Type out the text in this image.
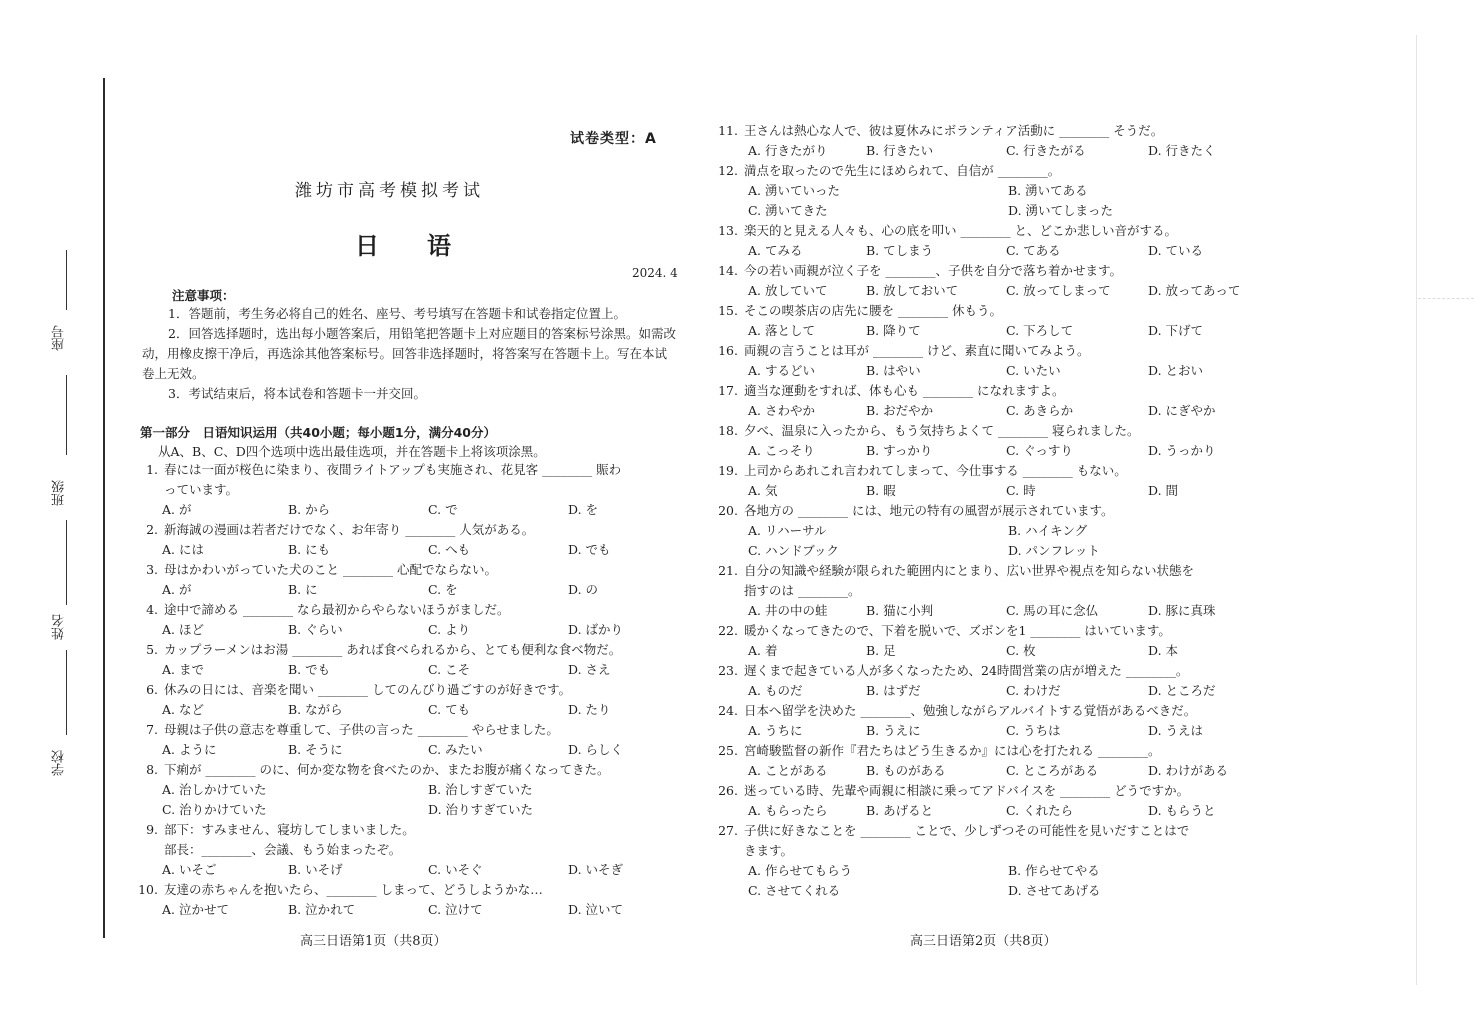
座号
班级
姓名
学校
试卷类型：A
潍坊市高考模拟考试
日语
2024. 4
注意事项：

1．答题前，考生务必将自己的姓名、座号、考号填写在答题卡和试卷指定位置上。

2．回答选择题时，选出每小题答案后，用铅笔把答题卡上对应题目的答案标号涂黑。如需改动，用橡皮擦干净后，再选涂其他答案标号。回答非选择题时，将答案写在答题卡上。写在本试卷上无效。

3．考试结束后，将本试卷和答题卡一并交回。

第一部分　日语知识运用（共40小题；每小题1分，满分40分）
从A、B、C、D四个选项中选出最佳选项，并在答题卡上将该项涂黑。
1. 春には一面が桜色に染まり、夜間ライトアップも実施され、花見客 ________ 賑わ
っています。
A. が	B. から	C. で	D. を
2. 新海誠の漫画は若者だけでなく、お年寄り ________ 人気がある。
A. には	B. にも	C. へも	D. でも
3. 母はかわいがっていた犬のこと ________ 心配でならない。
A. が	B. に	C. を	D. の
4. 途中で諦める ________ なら最初からやらないほうがましだ。
A. ほど	B. ぐらい	C. より	D. ばかり
5. カップラーメンはお湯 ________ あれば食べられるから、とても便利な食べ物だ。
A. まで	B. でも	C. こそ	D. さえ
6. 休みの日には、音楽を聞い ________ してのんびり過ごすのが好きです。
A. など	B. ながら	C. ても	D. たり
7. 母親は子供の意志を尊重して、子供の言った ________ やらせました。
A. ように	B. そうに	C. みたい	D. らしく
8. 下痢が ________ のに、何か変な物を食べたのか、またお腹が痛くなってきた。
A. 治しかけていた	B. 治しすぎていた
C. 治りかけていた	D. 治りすぎていた
9. 部下：すみません、寝坊してしまいました。
部長：________、会議、もう始まったぞ。
A. いそご	B. いそげ	C. いそぐ	D. いそぎ
10. 友達の赤ちゃんを抱いたら、________ しまって、どうしようかな…
A. 泣かせて	B. 泣かれて	C. 泣けて	D. 泣いて
11. 王さんは熱心な人で、彼は夏休みにボランティア活動に ________ そうだ。
A. 行きたがり	B. 行きたい	C. 行きたがる	D. 行きたく
12. 満点を取ったので先生にほめられて、自信が ________。
A. 湧いていった	B. 湧いてある
C. 湧いてきた	D. 湧いてしまった
13. 楽天的と見える人々も、心の底を叩い ________ と、どこか悲しい音がする。
A. てみる	B. てしまう	C. てある	D. ている
14. 今の若い両親が泣く子を ________、子供を自分で落ち着かせます。
A. 放していて	B. 放しておいて	C. 放ってしまって	D. 放ってあって
15. そこの喫茶店の店先に腰を ________ 休もう。
A. 落として	B. 降りて	C. 下ろして	D. 下げて
16. 両親の言うことは耳が ________ けど、素直に聞いてみよう。
A. するどい	B. はやい	C. いたい	D. とおい
17. 適当な運動をすれば、体も心も ________ になれますよ。
A. さわやか	B. おだやか	C. あきらか	D. にぎやか
18. 夕べ、温泉に入ったから、もう気持ちよくて ________ 寝られました。
A. こっそり	B. すっかり	C. ぐっすり	D. うっかり
19. 上司からあれこれ言われてしまって、今仕事する ________ もない。
A. 気	B. 暇	C. 時	D. 間
20. 各地方の ________ には、地元の特有の風習が展示されています。
A. リハーサル	B. ハイキング
C. ハンドブック	D. パンフレット
21. 自分の知識や経験が限られた範囲内にとまり、広い世界や視点を知らない状態を
指すのは ________。
A. 井の中の蛙	B. 猫に小判	C. 馬の耳に念仏	D. 豚に真珠
22. 暖かくなってきたので、下着を脱いで、ズボンを1 ________ はいています。
A. 着	B. 足	C. 枚	D. 本
23. 遅くまで起きている人が多くなったため、24時間営業の店が増えた ________。
A. ものだ	B. はずだ	C. わけだ	D. ところだ
24. 日本へ留学を決めた ________、勉強しながらアルバイトする覚悟があるべきだ。
A. うちに	B. うえに	C. うちは	D. うえは
25. 宮崎駿監督の新作『君たちはどう生きるか』には心を打たれる ________。
A. ことがある	B. ものがある	C. ところがある	D. わけがある
26. 迷っている時、先輩や両親に相談に乗ってアドバイスを ________ どうですか。
A. もらったら	B. あげると	C. くれたら	D. もらうと
27. 子供に好きなことを ________ ことで、少しずつその可能性を見いだすことはで
きます。
A. 作らせてもらう	B. 作らせてやる
C. させてくれる	D. させてあげる
高三日语第1页（共8页）	高三日语第2页（共8页）
